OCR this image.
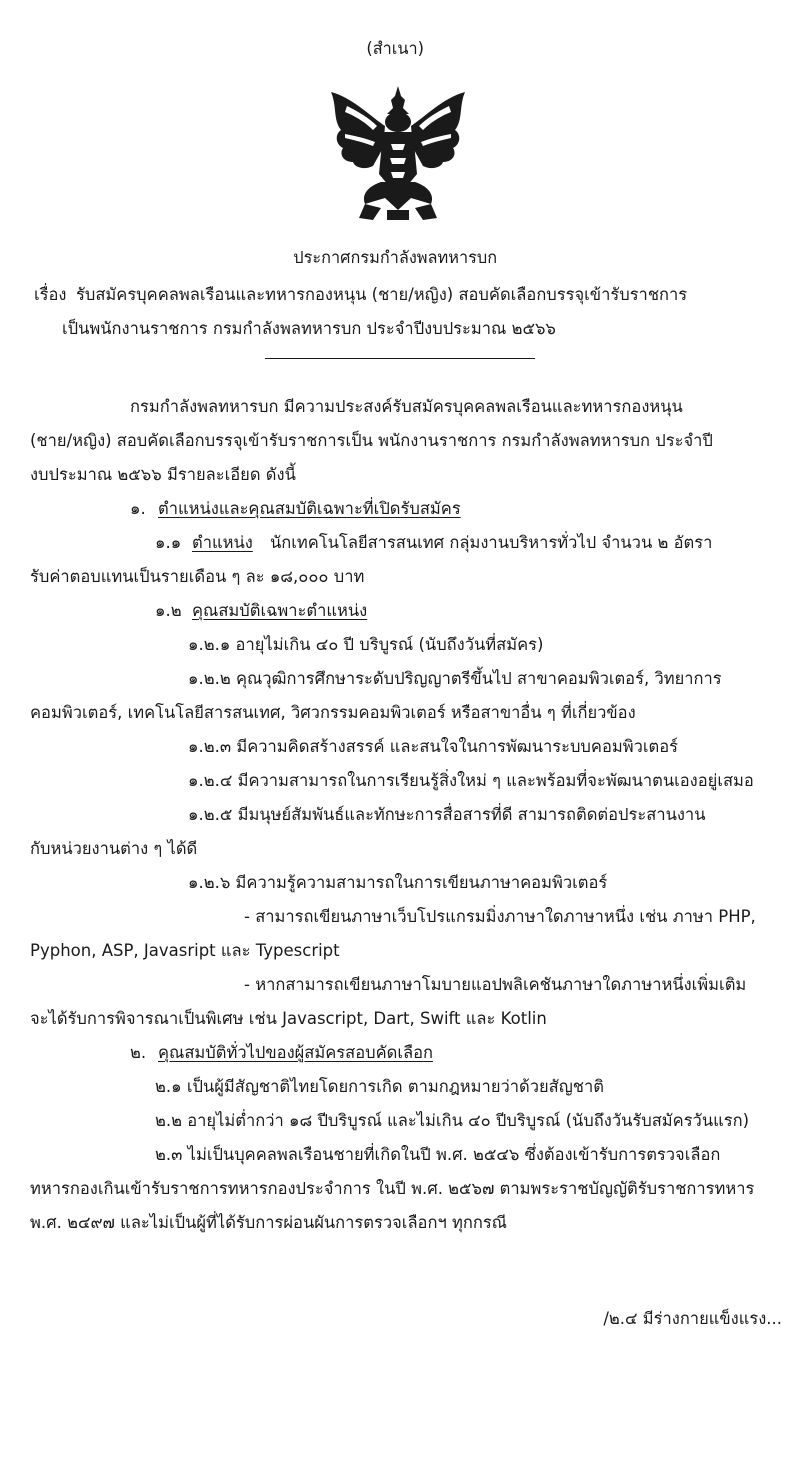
(สำเนา)
ประกาศกรมกำลังพลทหารบก
เรื่อง รับสมัครบุคคลพลเรือนและทหารกองหนุน (ชาย/หญิง) สอบคัดเลือกบรรจุเข้ารับราชการ
เป็นพนักงานราชการ กรมกำลังพลทหารบก ประจำปีงบประมาณ ๒๕๖๖
กรมกำลังพลทหารบก มีความประสงค์รับสมัครบุคคลพลเรือนและทหารกองหนุน
(ชาย/หญิง) สอบคัดเลือกบรรจุเข้ารับราชการเป็น พนักงานราชการ กรมกำลังพลทหารบก ประจำปี
งบประมาณ ๒๕๖๖ มีรายละเอียด ดังนี้
๑. ตำแหน่งและคุณสมบัติเฉพาะที่เปิดรับสมัคร
๑.๑ ตำแหน่ง นักเทคโนโลยีสารสนเทศ กลุ่มงานบริหารทั่วไป จำนวน ๒ อัตรา
รับค่าตอบแทนเป็นรายเดือน ๆ ละ ๑๘,๐๐๐ บาท
๑.๒ คุณสมบัติเฉพาะตำแหน่ง
๑.๒.๑ อายุไม่เกิน ๔๐ ปี บริบูรณ์ (นับถึงวันที่สมัคร)
๑.๒.๒ คุณวุฒิการศึกษาระดับปริญญาตรีขึ้นไป สาขาคอมพิวเตอร์, วิทยาการ
คอมพิวเตอร์, เทคโนโลยีสารสนเทศ, วิศวกรรมคอมพิวเตอร์ หรือสาขาอื่น ๆ ที่เกี่ยวข้อง
๑.๒.๓ มีความคิดสร้างสรรค์ และสนใจในการพัฒนาระบบคอมพิวเตอร์
๑.๒.๔ มีความสามารถในการเรียนรู้สิ่งใหม่ ๆ และพร้อมที่จะพัฒนาตนเองอยู่เสมอ
๑.๒.๕ มีมนุษย์สัมพันธ์และทักษะการสื่อสารที่ดี สามารถติดต่อประสานงาน
กับหน่วยงานต่าง ๆ ได้ดี
๑.๒.๖ มีความรู้ความสามารถในการเขียนภาษาคอมพิวเตอร์
- สามารถเขียนภาษาเว็บโปรแกรมมิ่งภาษาใดภาษาหนึ่ง เช่น ภาษา PHP,
Pyphon, ASP, Javasript และ Typescript
- หากสามารถเขียนภาษาโมบายแอปพลิเคชันภาษาใดภาษาหนึ่งเพิ่มเติม
จะได้รับการพิจารณาเป็นพิเศษ เช่น Javascript, Dart, Swift และ Kotlin
๒. คุณสมบัติทั่วไปของผู้สมัครสอบคัดเลือก
๒.๑ เป็นผู้มีสัญชาติไทยโดยการเกิด ตามกฎหมายว่าด้วยสัญชาติ
๒.๒ อายุไม่ต่ำกว่า ๑๘ ปีบริบูรณ์ และไม่เกิน ๔๐ ปีบริบูรณ์ (นับถึงวันรับสมัครวันแรก)
๒.๓ ไม่เป็นบุคคลพลเรือนชายที่เกิดในปี พ.ศ. ๒๕๔๖ ซึ่งต้องเข้ารับการตรวจเลือก
ทหารกองเกินเข้ารับราชการทหารกองประจำการ ในปี พ.ศ. ๒๕๖๗ ตามพระราชบัญญัติรับราชการทหาร
พ.ศ. ๒๔๙๗ และไม่เป็นผู้ที่ได้รับการผ่อนผันการตรวจเลือกฯ ทุกกรณี
/๒.๔ มีร่างกายแข็งแรง...
